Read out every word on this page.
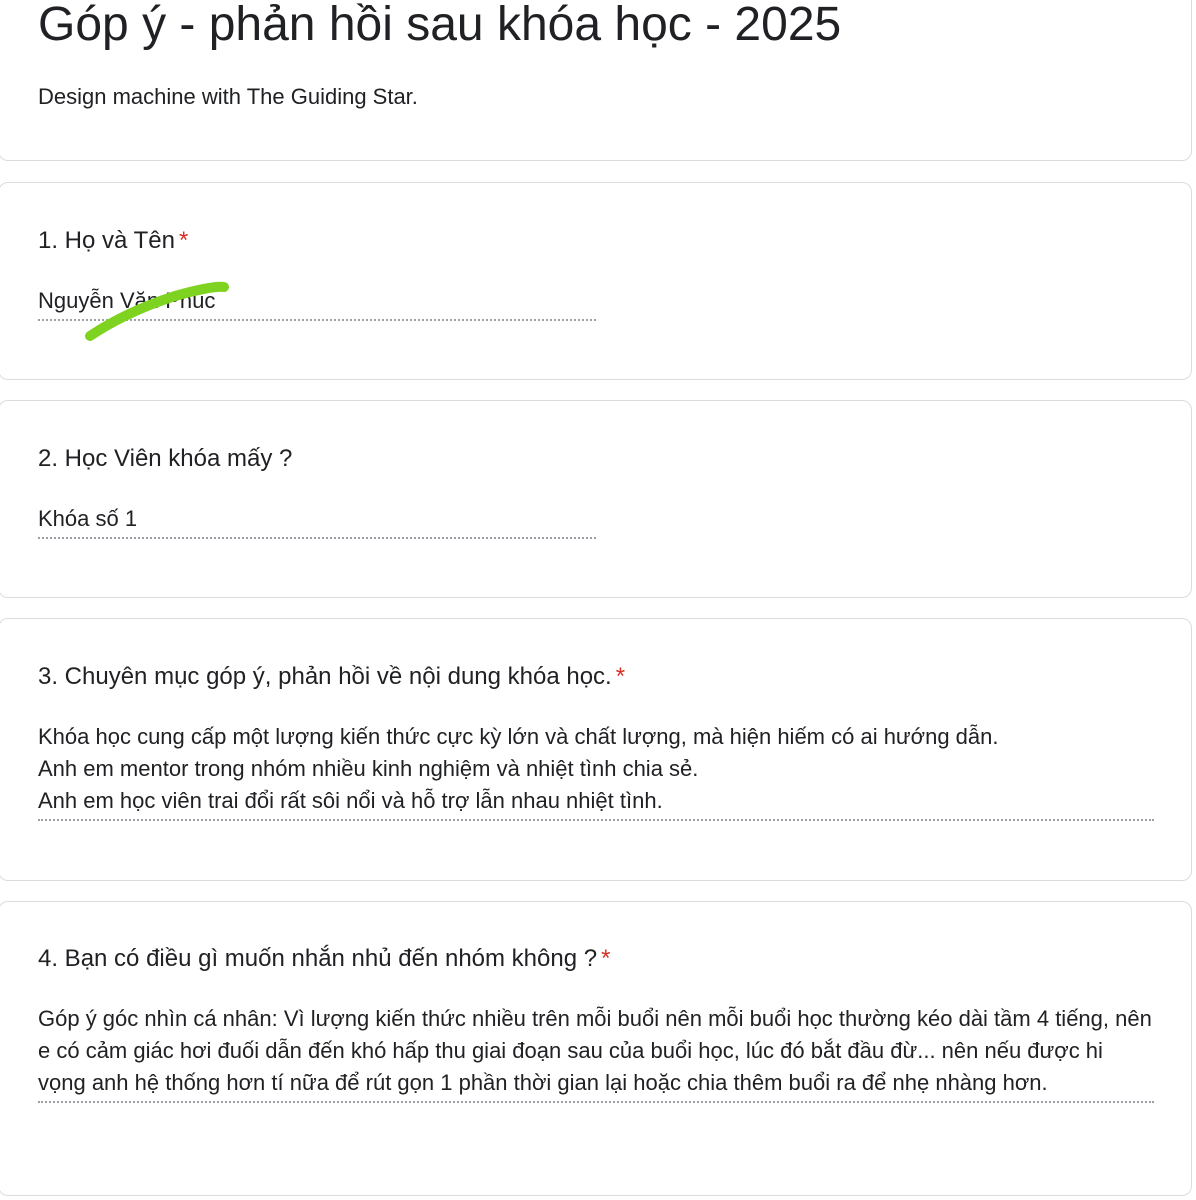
Góp ý - phản hồi sau khóa học - 2025
Design machine with The Guiding Star.
1. Họ và Tên *
Nguyễn Văn Phúc
2. Học Viên khóa mấy ?
Khóa số 1
3. Chuyên mục góp ý, phản hồi về nội dung khóa học. *
Khóa học cung cấp một lượng kiến thức cực kỳ lớn và chất lượng, mà hiện hiếm có ai hướng dẫn.
Anh em mentor trong nhóm nhiều kinh nghiệm và nhiệt tình chia sẻ.
Anh em học viên trai đổi rất sôi nổi và hỗ trợ lẫn nhau nhiệt tình.
4. Bạn có điều gì muốn nhắn nhủ đến nhóm không ? *
Góp ý góc nhìn cá nhân: Vì lượng kiến thức nhiều trên mỗi buổi nên mỗi buổi học thường kéo dài tầm 4 tiếng, nên e có cảm giác hơi đuối dẫn đến khó hấp thu giai đoạn sau của buổi học, lúc đó bắt đầu đừ... nên nếu được hi vọng anh hệ thống hơn tí nữa để rút gọn 1 phần thời gian lại hoặc chia thêm buổi ra để nhẹ nhàng hơn.
